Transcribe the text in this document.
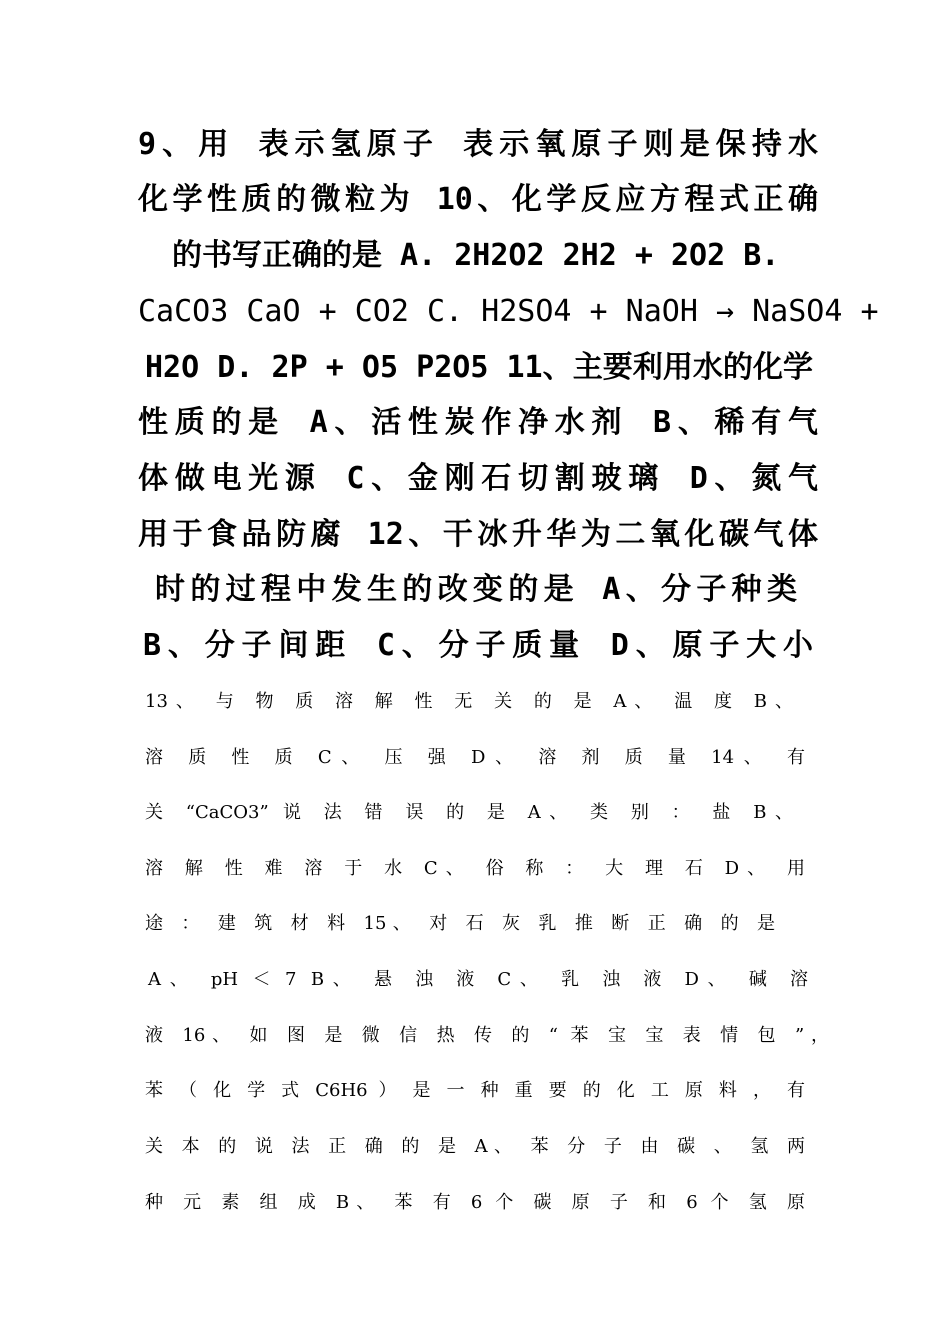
9、用 表示氢原子 表示氧原子则是保持水
化学性质的微粒为 10、化学反应方程式正确
的书写正确的是 A. 2H2O2 2H2 + 2O2 B.
CaCO3 CaO + CO2 C. H2SO4 + NaOH → NaSO4 +
H2O D. 2P + O5 P2O5 11、主要利用水的化学
性质的是 A、活性炭作净水剂 B、稀有气
体做电光源 C、金刚石切割玻璃 D、氮气
用于食品防腐 12、干冰升华为二氧化碳气体
时的过程中发生的改变的是 A、分子种类
B、分子间距 C、分子质量 D、原子大小
13、 与 物 质 溶 解 性 无 关 的 是 A、 温 度 B、
溶 质 性 质 C、 压 强 D、 溶 剂 质 量 14、 有
关 “CaCO3” 说 法 错 误 的 是 A、 类 别 ： 盐 B、
溶 解 性 难 溶 于 水 C、 俗 称 ： 大 理 石 D、 用
途 ： 建 筑 材 料 15、 对 石 灰 乳 推 断 正 确 的 是
A、 pH ＜ 7 B、 悬 浊 液 C、 乳 浊 液 D、 碱 溶
液 16、 如 图 是 微 信 热 传 的 “ 苯 宝 宝 表 情 包 ”，
苯 （ 化 学 式 C6H6 ） 是 一 种 重 要 的 化 工 原 料 ， 有
关 本 的 说 法 正 确 的 是 A、 苯 分 子 由 碳 、 氢 两
种 元 素 组 成 B、 苯 有 6 个 碳 原 子 和 6 个 氢 原
